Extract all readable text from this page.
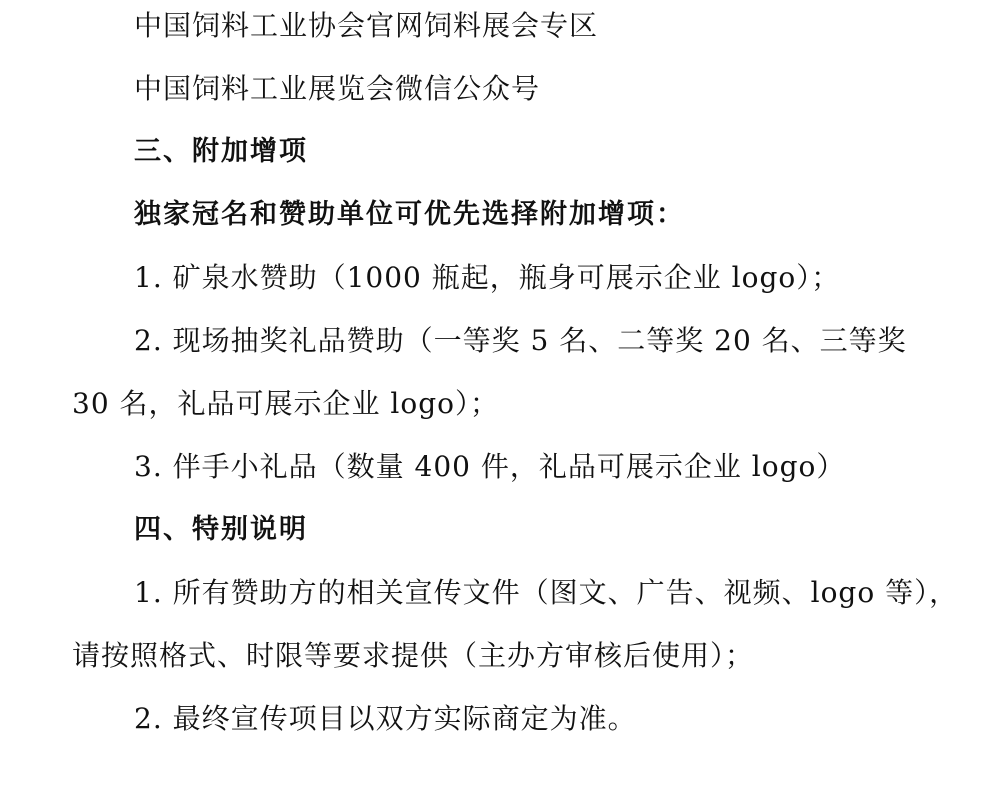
中国饲料工业协会官网饲料展会专区

中国饲料工业展览会微信公众号

三、附加增项

独家冠名和赞助单位可优先选择附加增项：

1. 矿泉水赞助（1000 瓶起，瓶身可展示企业 logo）；

2. 现场抽奖礼品赞助（一等奖 5 名、二等奖 20 名、三等奖

30 名，礼品可展示企业 logo）；

3. 伴手小礼品（数量 400 件，礼品可展示企业 logo）

四、特别说明

1. 所有赞助方的相关宣传文件（图文、广告、视频、logo 等），

请按照格式、时限等要求提供（主办方审核后使用）；

2. 最终宣传项目以双方实际商定为准。
